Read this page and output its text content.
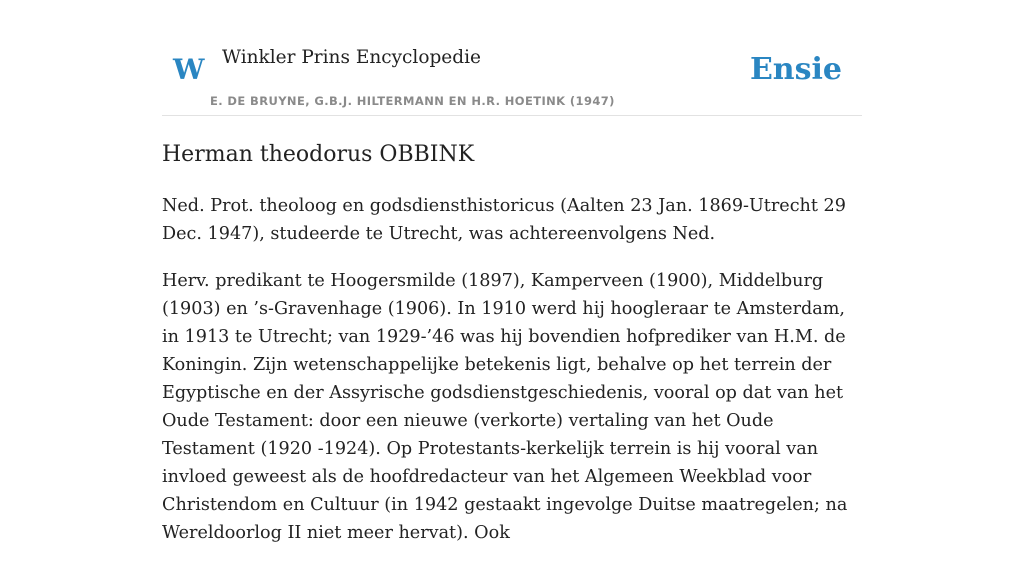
W Winkler Prins Encyclopedie
E. DE BRUYNE, G.B.J. HILTERMANN EN H.R. HOETINK (1947)
Ensie
Herman theodorus OBBINK

Ned. Prot. theoloog en godsdiensthistoricus (Aalten 23 Jan. 1869-Utrecht 29 Dec. 1947), studeerde te Utrecht, was achtereenvolgens Ned.

Herv. predikant te Hoogersmilde (1897), Kamperveen (1900), Middelburg (1903) en ’s-Gravenhage (1906). In 1910 werd hij hoogleraar te Amsterdam, in 1913 te Utrecht; van 1929-’46 was hij bovendien hofprediker van H.M. de Koningin. Zijn wetenschappelijke betekenis ligt, behalve op het terrein der Egyptische en der Assyrische godsdienstgeschiedenis, vooral op dat van het Oude Testament: door een nieuwe (verkorte) vertaling van het Oude Testament (1920 -1924). Op Protestants-kerkelijk terrein is hij vooral van invloed geweest als de hoofdredacteur van het Algemeen Weekblad voor Christendom en Cultuur (in 1942 gestaakt ingevolge Duitse maatregelen; na Wereldoorlog II niet meer hervat). Ook
